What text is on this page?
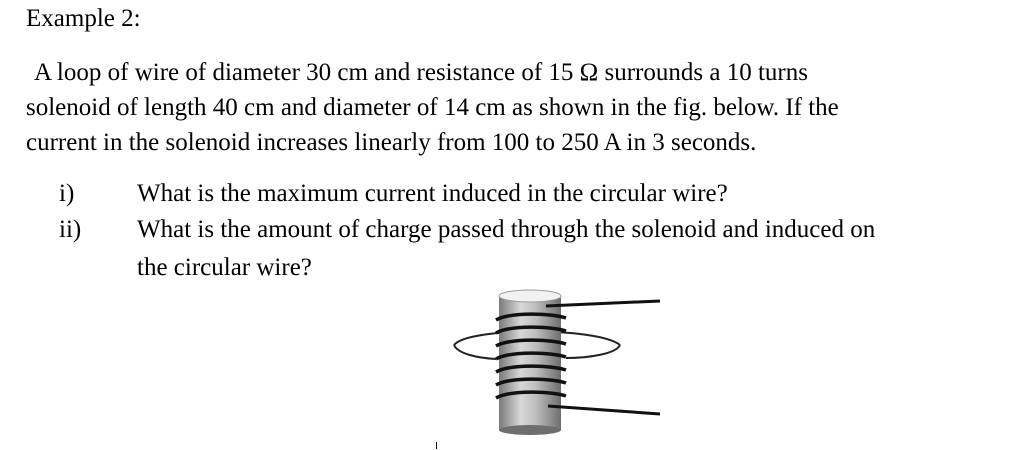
Example 2:
A loop of wire of diameter 30 cm and resistance of 15 Ω surrounds a 10 turns
solenoid of length 40 cm and diameter of 14 cm as shown in the fig. below. If the
current in the solenoid increases linearly from 100 to 250 A in 3 seconds.
i)	What is the maximum current induced in the circular wire?
ii) What is the amount of charge passed through the solenoid and induced on
the circular wire?
